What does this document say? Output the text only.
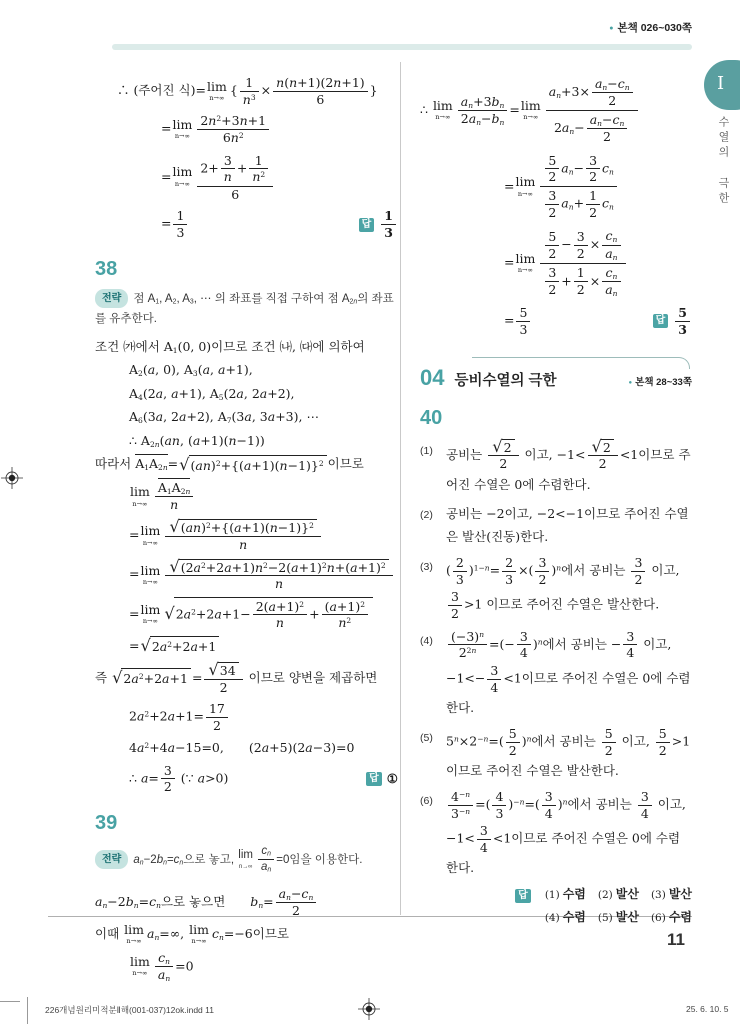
● 본책 026~030쪽
I
수열의 극한
∴ (주어진 식)= lim
n→∞
{ $\frac{1}{n^3} \times \frac{n(n+1)(2n+1)}{6}$ }
= lim
$n\to\infty \frac{2n^2+3n+1}{6n^2}$
= lim
$n\to\infty \frac{2+ \frac{3}{n} + \frac{1}{n^2}}{6}$
= $\frac{1}{3}$	답 $\frac{1}{3}$
38

전략 점 $A_1$, $A_2$, $A_3$, ⋯ 의 좌표를 직접 구하여 점 $A_{2n}$의 좌표를 유추한다.

조건 ㈎에서 $A_1(0$, 0)이므로 조건 ㈏, ㈐에 의하여
$A_2(a$, 0), $A_3(a$, a+1),
$A_4(2a$, a+1), $A_5(2a$, 2a+2),
$A_6(3a$, 2a+2), $A_7(3a$, 3a+3), ⋯
∴ $A_{2n}(an$, (a+1)(n−1))
따라서 $A_1A_{2n}=$ √ $(an)^2+\{(a+1)(n-1)\}^2$ 이므로
lim
$n\to\infty \frac{A_1A_{2n}}{n}$
= lim
$n\to\infty \frac{√ (an)^2+\{(a+1)(n-1)\}^2}{n}$
= lim
$n\to\infty \frac{√ (2a^2+2a+1)n^2-2(a+1)^2n+(a+1)^2}{n}$
= lim
n→∞ √ $2a^2+2a+1- \frac{2(a+1)^2}{n} + \frac{(a+1)^2}{n^2}$
= √ $2a^2+2a+1$
즉 √ $2a^2+2a+1 = \frac{√ 34}{2}$ 이므로 양변을 제곱하면
$2a^2+2a+1= \frac{17}{2}$
$4a^2+4a-15=0$,  (2a+5)(2a−3)=0
∴ $a= \frac{3}{2}$ (∵ a>0)	답 ①
39

전략 $a_n-2b_n=c_n$으로 놓고, lim
$n\to\infty \frac{c_n}{a_n} =0$임을 이용한다.

$a_n-2b_n=c_n$으로 놓으면  $b_n= \frac{a_n-c_n}{2}$
이때 lim
n→∞
$a_n=\infty$, lim
n→∞
$c_n=-6$이므로
lim
$n\to\infty \frac{c_n}{a_n} =0$
∴ lim
$n\to\infty \frac{a_n+3b_n}{2a_n-b_n} = \lim$
$n\to\infty \frac{a_n+3\times \frac{a_n-c_n}{2}}{2a_n- \frac{a_n-c_n}{2}}$
= lim
$n\to\infty \frac{\frac{5}{2} a_n- \frac{3}{2} c_n}{\frac{3}{2} a_n+ \frac{1}{2} c_n}$
= lim
n→∞
$\frac{5}{2} - \frac{3}{2} \times \frac{c_n}{a_n}$
$\frac{3}{2} + \frac{1}{2} \times \frac{c_n}{a_n}$
= $\frac{5}{3}$	답 $\frac{5}{3}$
04 등비수열의 극한	● 본책 28~33쪽
40
(1)	공비는 $\frac{√ 2}{2}$ 이고, $-1< \frac{√ 2}{2} <1$이므로 주어진 수열은 0에 수렴한다.
(2)	공비는 −2이고, −2<−1이므로 주어진 수열은 발산(진동)한다.
(3)	( $\frac{2}{3} )^{1-n}= \frac{2}{3}$ ×( $\frac{3}{2} )^n$에서 공비는 $\frac{3}{2}$ 이고,
$\frac{3}{2} >1$ 이므로 주어진 수열은 발산한다.
(4)	$\frac{(-3)^n}{2^{2n}}$ =(− $\frac{3}{4} )^n$에서 공비는 − $\frac{3}{4}$ 이고, $-1<- \frac{3}{4} <1$이므로 주어진 수열은 0에 수렴한다.
(5)	$5^n\times 2^{-n}=( \frac{5}{2} )^n$에서 공비는 $\frac{5}{2}$ 이고, $\frac{5}{2} >1$이므로 주어진 수열은 발산한다.
(6)	$\frac{4^{-n}}{3^{-n}}$ =( $\frac{4}{3} )^{-n}=( \frac{3}{4} )^n$에서 공비는 $\frac{3}{4}$ 이고, $-1< \frac{3}{4} <1$이므로 주어진 수열은 0에 수렴한다.
답 (1) 수렴 (2) 발산 (3) 발산
(4) 수렴 (5) 발산 (6) 수렴
11
226개념원리미적분Ⅱ해(001-037)12ok.indd 11	25. 6. 10. 5
